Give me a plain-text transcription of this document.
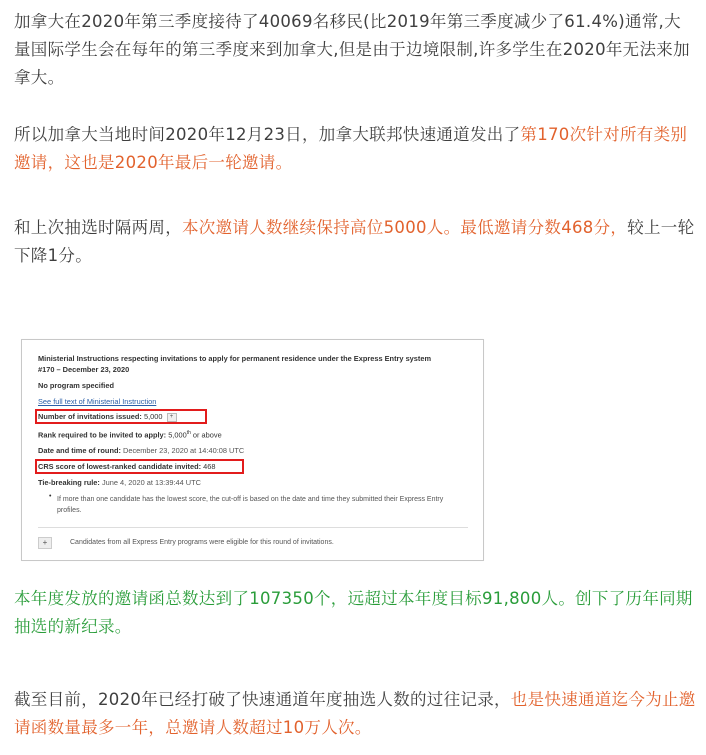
加拿大在2020年第三季度接待了40069名移民(比2019年第三季度减少了61.4%)通常,大量国际学生会在每年的第三季度来到加拿大,但是由于边境限制,许多学生在2020年无法来加拿大。

所以加拿大当地时间2020年12月23日，加拿大联邦快速通道发出了第170次针对所有类别邀请，这也是2020年最后一轮邀请。

和上次抽选时隔两周，本次邀请人数继续保持高位5000人。最低邀请分数468分，较上一轮下降1分。

Ministerial Instructions respecting invitations to apply for permanent residence under the Express Entry system
#170 – December 23, 2020
No program specified
See full text of Ministerial Instruction
Number of invitations issued: 5,000 +
Rank required to be invited to apply: 5,000th or above
Date and time of round: December 23, 2020 at 14:40:08 UTC
CRS score of lowest-ranked candidate invited: 468
Tie-breaking rule: June 4, 2020 at 13:39:44 UTC
• If more than one candidate has the lowest score, the cut-off is based on the date and time they submitted their Express Entry profiles.
+	Candidates from all Express Entry programs were eligible for this round of invitations.

本年度发放的邀请函总数达到了107350个，远超过本年度目标91,800人。创下了历年同期抽选的新纪录。

截至目前，2020年已经打破了快速通道年度抽选人数的过往记录，也是快速通道迄今为止邀请函数量最多一年，总邀请人数超过10万人次。
